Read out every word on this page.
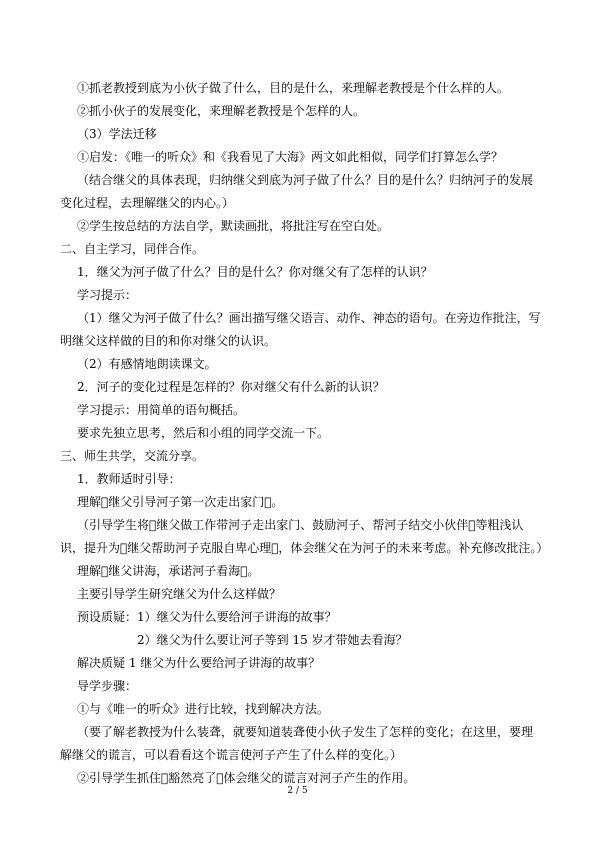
①抓老教授到底为小伙子做了什么，目的是什么，来理解老教授是个什么样的人。
②抓小伙子的发展变化，来理解老教授是个怎样的人。
（3）学法迁移
①启发：《唯一的听众》和《我看见了大海》两文如此相似，同学们打算怎么学？
（结合继父的具体表现，归纳继父到底为河子做了什么？目的是什么？归纳河子的发展
变化过程，去理解继父的内心。）
②学生按总结的方法自学，默读画批，将批注写在空白处。
二、自主学习，同伴合作。
1．继父为河子做了什么？目的是什么？你对继父有了怎样的认识？
学习提示：
（1）继父为河子做了什么？画出描写继父语言、动作、神态的语句。在旁边作批注，写
明继父这样做的目的和你对继父的认识。
（2）有感情地朗读课文。
2．河子的变化过程是怎样的？你对继父有什么新的认识？
学习提示：用简单的语句概括。
要求先独立思考，然后和小组的同学交流一下。
三、师生共学，交流分享。
1．教师适时引导：
理解 继父引导河子第一次走出家门 。
（引导学生将 继父做工作带河子走出家门、鼓励河子、帮河子结交小伙伴 等粗浅认
识，提升为 继父帮助河子克服自卑心理 ，体会继父在为河子的未来考虑。补充修改批注。）
理解 继父讲海，承诺河子看海 。
主要引导学生研究继父为什么这样做？
预设质疑：1）继父为什么要给河子讲海的故事？
2）继父为什么要让河子等到 15 岁才带她去看海？
解决质疑 1 继父为什么要给河子讲海的故事？
导学步骤：
①与《唯一的听众》进行比较，找到解决方法。
（要了解老教授为什么装聋，就要知道装聋使小伙子发生了怎样的变化；在这里，要理
解继父的谎言，可以看看这个谎言使河子产生了什么样的变化。）
②引导学生抓住 豁然亮了 体会继父的谎言对河子产生的作用。
2 / 5
